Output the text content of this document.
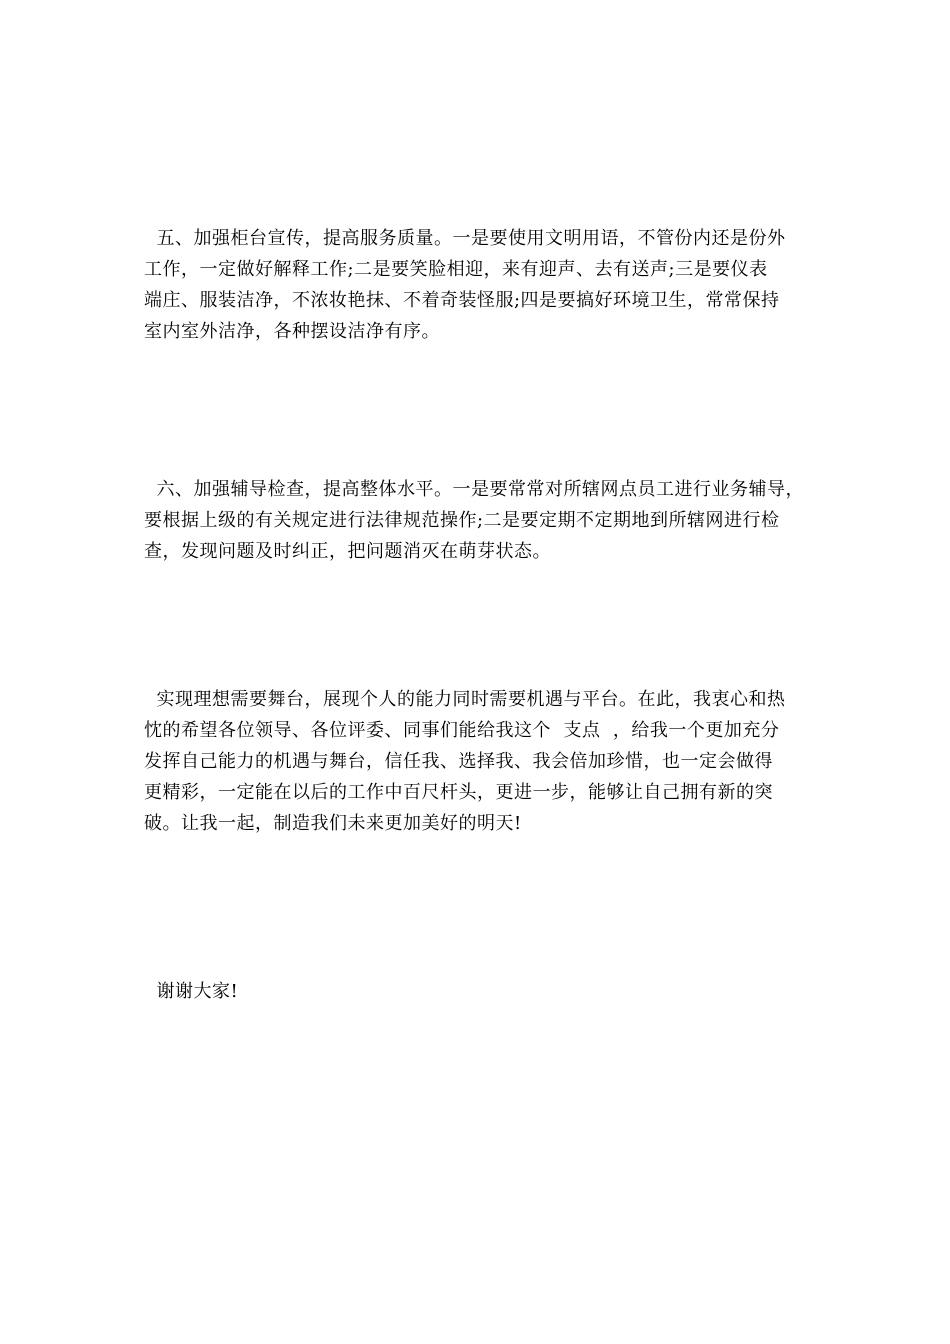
五、加强柜台宣传，提高服务质量。一是要使用文明用语，不管份内还是份外
工作，一定做好解释工作;二是要笑脸相迎，来有迎声、去有送声;三是要仪表
端庄、服装洁净，不浓妆艳抹、不着奇装怪服;四是要搞好环境卫生，常常保持
室内室外洁净，各种摆设洁净有序。

六、加强辅导检查，提高整体水平。一是要常常对所辖网点员工进行业务辅导，
要根据上级的有关规定进行法律规范操作;二是要定期不定期地到所辖网进行检
查，发现问题及时纠正，把问题消灭在萌芽状态。

实现理想需要舞台，展现个人的能力同时需要机遇与平台。在此，我衷心和热
忱的希望各位领导、各位评委、同事们能给我这个  支点  ，给我一个更加充分
发挥自己能力的机遇与舞台，信任我、选择我、我会倍加珍惜，也一定会做得
更精彩，一定能在以后的工作中百尺杆头，更进一步，能够让自己拥有新的突
破。让我一起，制造我们未来更加美好的明天!

谢谢大家!
